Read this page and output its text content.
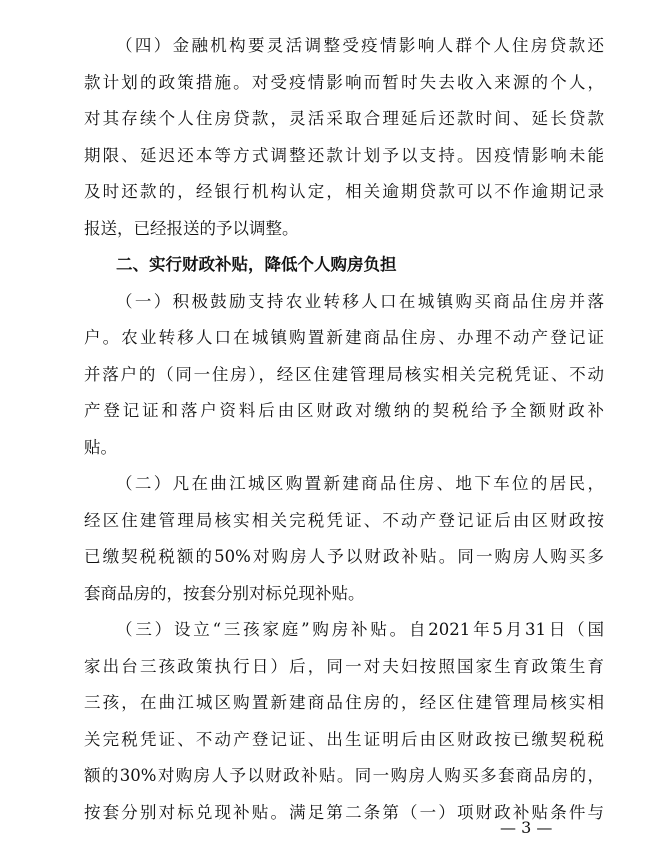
（四）金融机构要灵活调整受疫情影响人群个人住房贷款还
款计划的政策措施。对受疫情影响而暂时失去收入来源的个人，
对其存续个人住房贷款，灵活采取合理延后还款时间、延长贷款
期限、延迟还本等方式调整还款计划予以支持。因疫情影响未能
及时还款的，经银行机构认定，相关逾期贷款可以不作逾期记录
报送，已经报送的予以调整。
二、实行财政补贴，降低个人购房负担
（一）积极鼓励支持农业转移人口在城镇购买商品住房并落
户。农业转移人口在城镇购置新建商品住房、办理不动产登记证
并落户的（同一住房），经区住建管理局核实相关完税凭证、不动
产登记证和落户资料后由区财政对缴纳的契税给予全额财政补
贴。
（二）凡在曲江城区购置新建商品住房、地下车位的居民，
经区住建管理局核实相关完税凭证、不动产登记证后由区财政按
已缴契税税额的50%对购房人予以财政补贴。同一购房人购买多
套商品房的，按套分别对标兑现补贴。
（三）设立“三孩家庭”购房补贴。自2021年5月31日（国
家出台三孩政策执行日）后，同一对夫妇按照国家生育政策生育
三孩，在曲江城区购置新建商品住房的，经区住建管理局核实相
关完税凭证、不动产登记证、出生证明后由区财政按已缴契税税
额的30%对购房人予以财政补贴。同一购房人购买多套商品房的，
按套分别对标兑现补贴。满足第二条第（一）项财政补贴条件与
— 3 —
